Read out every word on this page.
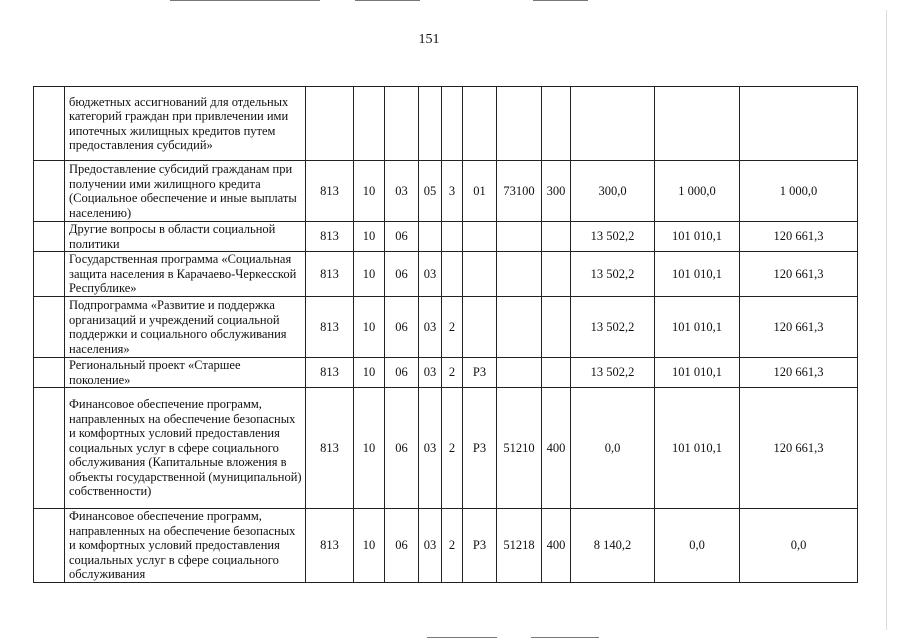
151
	бюджетных ассигнований для отдельных категорий граждан при привлечении ими ипотечных жилищных кредитов путем предоставления субсидий»											
	Предоставление субсидий гражданам при получении ими жилищного кредита (Социальное обеспечение и иные выплаты населению)	813	10	03	05	3	01	73100	300	300,0	1 000,0	1 000,0
	Другие вопросы в области социальной политики	813	10	06						13 502,2	101 010,1	120 661,3
	Государственная программа «Социальная защита населения в Карачаево-Черкесской Республике»	813	10	06	03					13 502,2	101 010,1	120 661,3
	Подпрограмма «Развитие и поддержка организаций и учреждений социальной поддержки и социального обслуживания населения»	813	10	06	03	2				13 502,2	101 010,1	120 661,3
	Региональный проект «Старшее поколение»	813	10	06	03	2	P3			13 502,2	101 010,1	120 661,3
	Финансовое обеспечение программ, направленных на обеспечение безопасных и комфортных условий предоставления социальных услуг в сфере социального обслуживания (Капитальные вложения в объекты государственной (муниципальной) собственности)	813	10	06	03	2	P3	51210	400	0,0	101 010,1	120 661,3
	Финансовое обеспечение программ, направленных на обеспечение безопасных и комфортных условий предоставления социальных услуг в сфере социального обслуживания	813	10	06	03	2	P3	51218	400	8 140,2	0,0	0,0
